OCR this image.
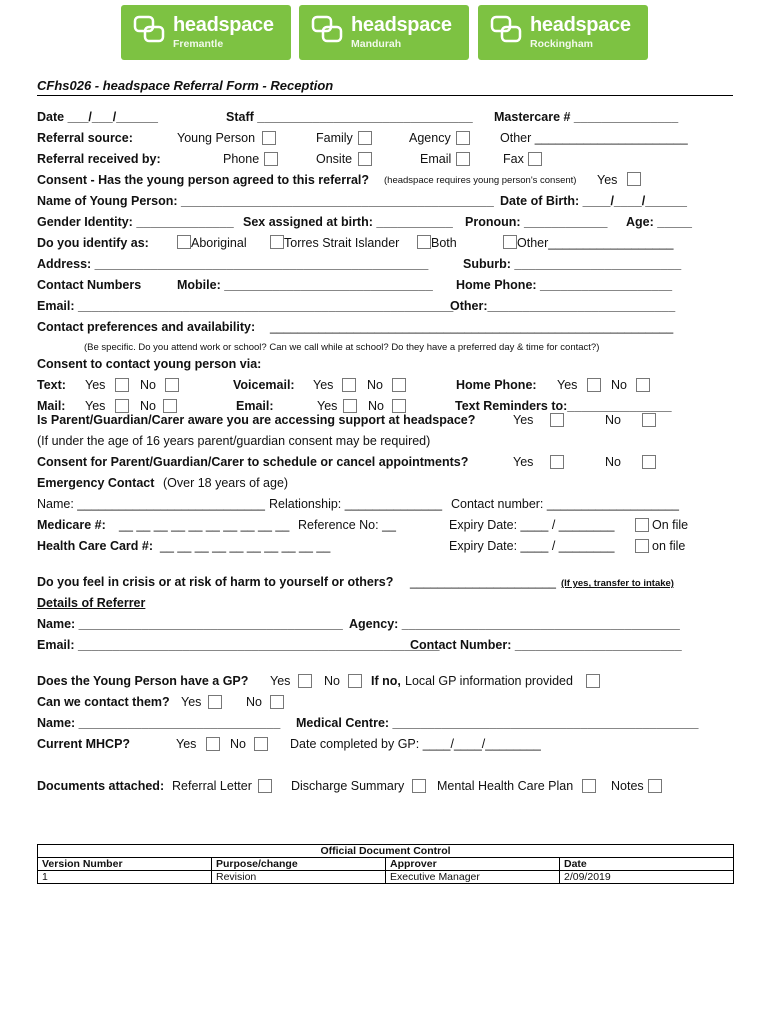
headspace
Fremantle
headspace
Mandurah
headspace
Rockingham
CFhs026 - headspace Referral Form - Reception
Date ___/___/______	Staff _______________________________ Mastercare # _______________
Referral source:	Young Person	Family	Agency	Other ______________________
Referral received by:	Phone	Onsite	Email	Fax
Consent - Has the young person agreed to this referral? (headspace requires young person's consent) Yes
Name of Young Person: _____________________________________________ Date of Birth: ____/____/______
Gender Identity: ______________ Sex assigned at birth: ___________ Pronoun: ____________ Age: _____
Do you identify as:	Aboriginal	Torres Strait Islander	Both	Other__________________
Address: ________________________________________________	Suburb: ________________________
Contact Numbers	Mobile: ______________________________ Home Phone: ___________________
Email: ______________________________________________________
Other:___________________________
Contact preferences and availability: __________________________________________________________
(Be specific. Do you attend work or school? Can we call while at school? Do they have a preferred day & time for contact?)
Consent to contact young person via:
Text: Yes	No	Voicemail: Yes	No	Home Phone: Yes	No
Mail: Yes	No	Email:	Yes No	Text Reminders to:_______________
Is Parent/Guardian/Carer aware you are accessing support at headspace?	Yes	No
(If under the age of 16 years parent/guardian consent may be required)
Consent for Parent/Guardian/Carer to schedule or cancel appointments?	Yes	No
Emergency Contact (Over 18 years of age)
Name: ___________________________ Relationship: ______________ Contact number: ___________________
Medicare #: __ __ __ __ __ __ __ __ __ __ Reference No: __	Expiry Date: ____ / ________	On file
Health Care Card #: __ __ __ __ __ __ __ __ __ __	Expiry Date: ____ / ________	on file
Do you feel in crisis or at risk of harm to yourself or others? _____________________ (If yes, transfer to intake)
Details of Referrer
Name: ______________________________________ Agency: ________________________________________
Email: ____________________________________________________
Contact Number: ________________________
Does the Young Person have a GP? Yes	No If no, Local GP information provided
Can we contact them? Yes	No
Name: _____________________________ Medical Centre: ____________________________________________
Current MHCP?	Yes	No	Date completed by GP: ____/____/________
Documents attached: Referral Letter	Discharge Summary	Mental Health Care Plan	Notes
Official Document Control			
Version Number	Purpose/change	Approver	Date
1	Revision	Executive Manager	2/09/2019
